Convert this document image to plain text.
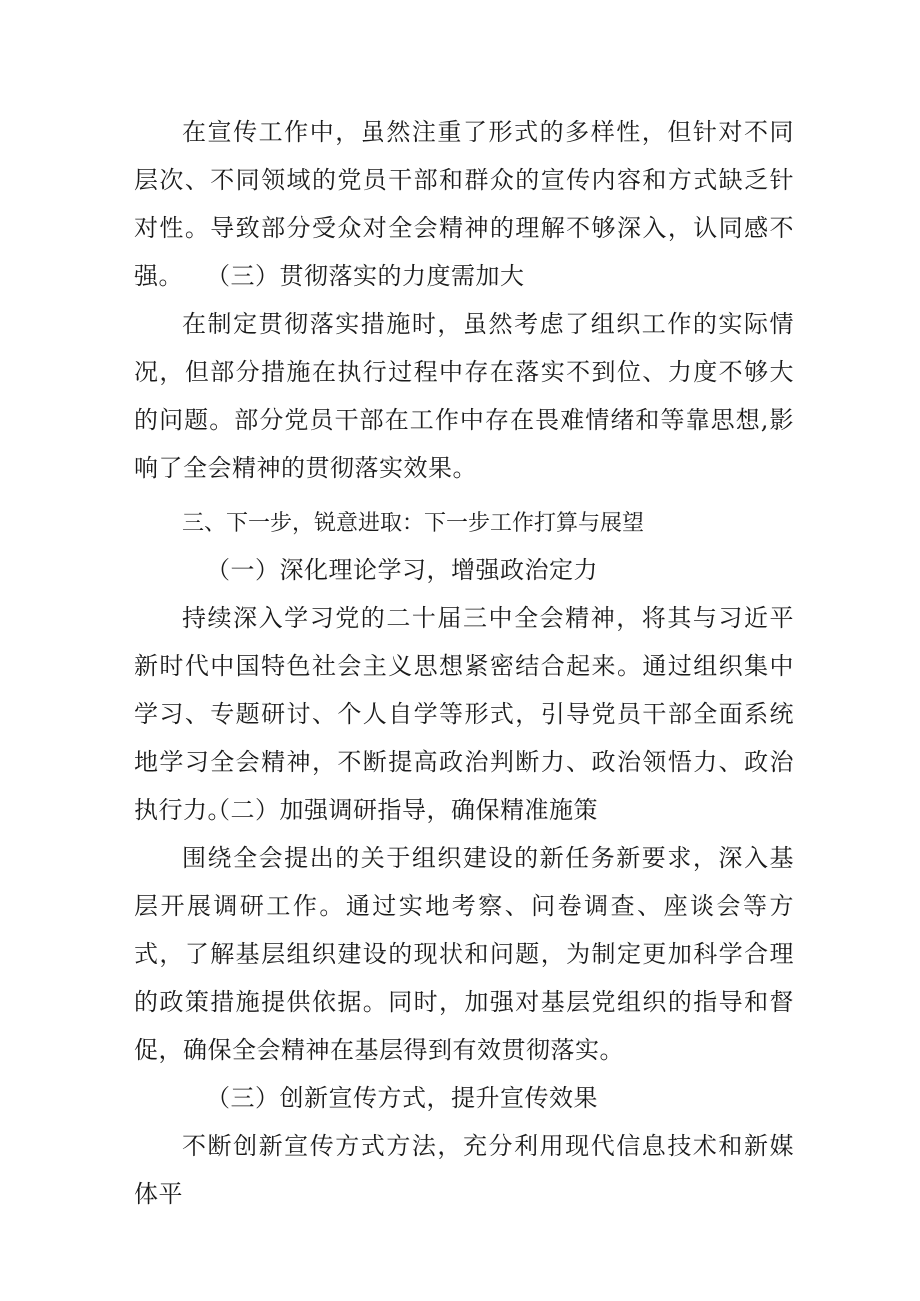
在宣传工作中，虽然注重了形式的多样性，但针对不同层次、不同领域的党员干部和群众的宣传内容和方式缺乏针对性。导致部分受众对全会精神的理解不够深入，认同感不强。 （三）贯彻落实的力度需加大

在制定贯彻落实措施时，虽然考虑了组织工作的实际情况，但部分措施在执行过程中存在落实不到位、力度不够大的问题。部分党员干部在工作中存在畏难情绪和等靠思想,影响了全会精神的贯彻落实效果。

三、下一步，锐意进取：下一步工作打算与展望

（一）深化理论学习，增强政治定力

持续深入学习党的二十届三中全会精神，将其与习近平新时代中国特色社会主义思想紧密结合起来。通过组织集中学习、专题研讨、个人自学等形式，引导党员干部全面系统地学习全会精神，不断提高政治判断力、政治领悟力、政治执行力。

（二）加强调研指导，确保精准施策

围绕全会提出的关于组织建设的新任务新要求，深入基层开展调研工作。通过实地考察、问卷调查、座谈会等方式，了解基层组织建设的现状和问题，为制定更加科学合理的政策措施提供依据。同时，加强对基层党组织的指导和督促，确保全会精神在基层得到有效贯彻落实。

（三）创新宣传方式，提升宣传效果

不断创新宣传方式方法，充分利用现代信息技术和新媒体平
